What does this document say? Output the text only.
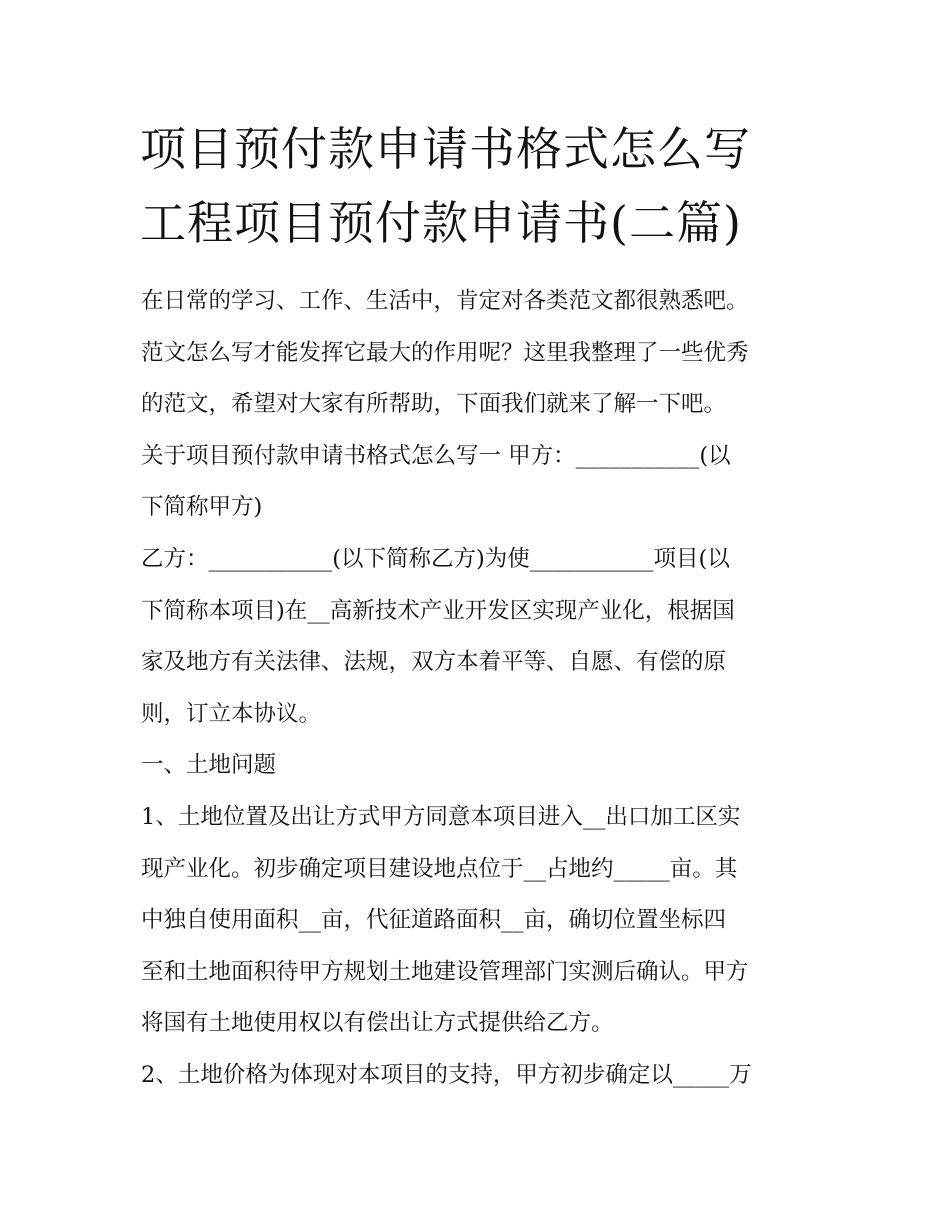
项目预付款申请书格式怎么写
工程项目预付款申请书(二篇)
在日常的学习、工作、生活中，肯定对各类范文都很熟悉吧。
范文怎么写才能发挥它最大的作用呢？这里我整理了一些优秀
的范文，希望对大家有所帮助，下面我们就来了解一下吧。
关于项目预付款申请书格式怎么写一 甲方：___________(以
下简称甲方)
乙方：___________(以下简称乙方)为使___________项目(以
下简称本项目)在__高新技术产业开发区实现产业化，根据国
家及地方有关法律、法规，双方本着平等、自愿、有偿的原
则，订立本协议。
一、土地问题
1、土地位置及出让方式甲方同意本项目进入__出口加工区实
现产业化。初步确定项目建设地点位于__占地约_____亩。其
中独自使用面积__亩，代征道路面积__亩，确切位置坐标四
至和土地面积待甲方规划土地建设管理部门实测后确认。甲方
将国有土地使用权以有偿出让方式提供给乙方。
2、土地价格为体现对本项目的支持，甲方初步确定以_____万
